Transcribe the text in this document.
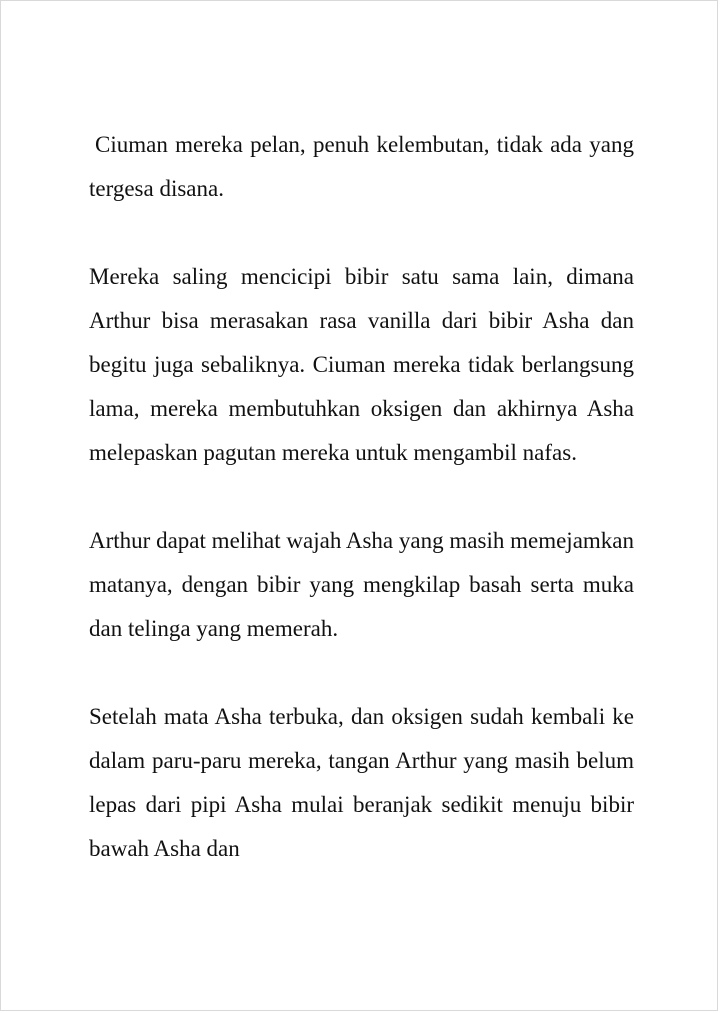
Ciuman mereka pelan, penuh kelembutan, tidak ada yang tergesa disana.

Mereka saling mencicipi bibir satu sama lain, dimana Arthur bisa merasakan rasa vanilla dari bibir Asha dan begitu juga sebaliknya. Ciuman mereka tidak berlangsung lama, mereka membutuhkan oksigen dan akhirnya Asha melepaskan pagutan mereka untuk mengambil nafas.

Arthur dapat melihat wajah Asha yang masih memejamkan matanya, dengan bibir yang mengkilap basah serta muka dan telinga yang memerah.

Setelah mata Asha terbuka, dan oksigen sudah kembali ke dalam paru-paru mereka, tangan Arthur yang masih belum lepas dari pipi Asha mulai beranjak sedikit menuju bibir bawah Asha dan
